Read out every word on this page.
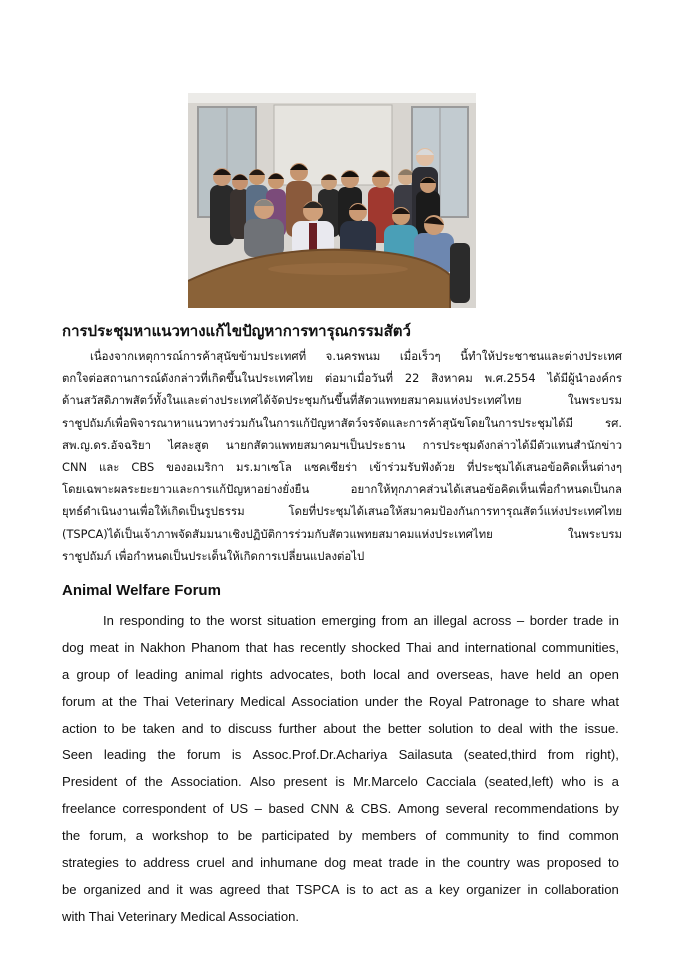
การประชุมหาแนวทางแก้ไขปัญหาการทารุณกรรมสัตว์
เนื่องจากเหตุการณ์การค้าสุนัขข้ามประเทศที่ จ.นครพนม เมื่อเร็วๆ นี้ทำให้ประชาชนและต่างประเทศ
ตกใจต่อสถานการณ์ดังกล่าวที่เกิดขึ้นในประเทศไทย ต่อมาเมื่อวันที่ 22 สิงหาคม พ.ศ.2554 ได้มีผู้นำองค์กร
ด้านสวัสดิภาพสัตว์ทั้งในและต่างประเทศได้จัดประชุมกันขึ้นที่สัตวแพทยสมาคมแห่งประเทศไทย	ในพระบรม
ราชูปถัมภ์เพื่อพิจารณาหาแนวทางร่วมกันในการแก้ปัญหาสัตว์จรจัดและการค้าสุนัขโดยในการประชุมได้มี	รศ.
สพ.ญ.ดร.อัจฉริยา ไศละสูต นายกสัตวแพทยสมาคมฯเป็นประธาน การประชุมดังกล่าวได้มีตัวแทนสำนักข่าว
CNN และ CBS ของอเมริกา มร.มาเซโล แซคเซียร่า เข้าร่วมรับฟังด้วย ที่ประชุมได้เสนอข้อคิดเห็นต่างๆ
โดยเฉพาะผลระยะยาวและการแก้ปัญหาอย่างยั่งยืน	อยากให้ทุกภาคส่วนได้เสนอข้อคิดเห็นเพื่อกำหนดเป็นกล
ยุทธ์ดำเนินงานเพื่อให้เกิดเป็นรูปธรรม	โดยที่ประชุมได้เสนอให้สมาคมป้องกันการทารุณสัตว์แห่งประเทศไทย
(TSPCA)ได้เป็นเจ้าภาพจัดสัมมนาเชิงปฏิบัติการร่วมกับสัตวแพทยสมาคมแห่งประเทศไทย	ในพระบรม
ราชูปถัมภ์ เพื่อกำหนดเป็นประเด็นให้เกิดการเปลี่ยนแปลงต่อไป
Animal Welfare Forum
In responding to the worst situation emerging from an illegal across – border trade in
dog meat in Nakhon Phanom that has recently shocked Thai and international communities,
a group of leading animal rights advocates, both local and overseas, have held an open
forum at the Thai Veterinary Medical Association under the Royal Patronage to share what
action to be taken and to discuss further about the better solution to deal with the issue.
Seen leading the forum is Assoc.Prof.Dr.Achariya Sailasuta (seated,third from right),
President of the Association. Also present is Mr.Marcelo Cacciala (seated,left) who is a
freelance correspondent of US – based CNN & CBS. Among several recommendations by
the forum, a workshop to be participated by members of community to find common
strategies to address cruel and inhumane dog meat trade in the country was proposed to
be organized and it was agreed that TSPCA is to act as a key organizer in collaboration
with Thai Veterinary Medical Association.
